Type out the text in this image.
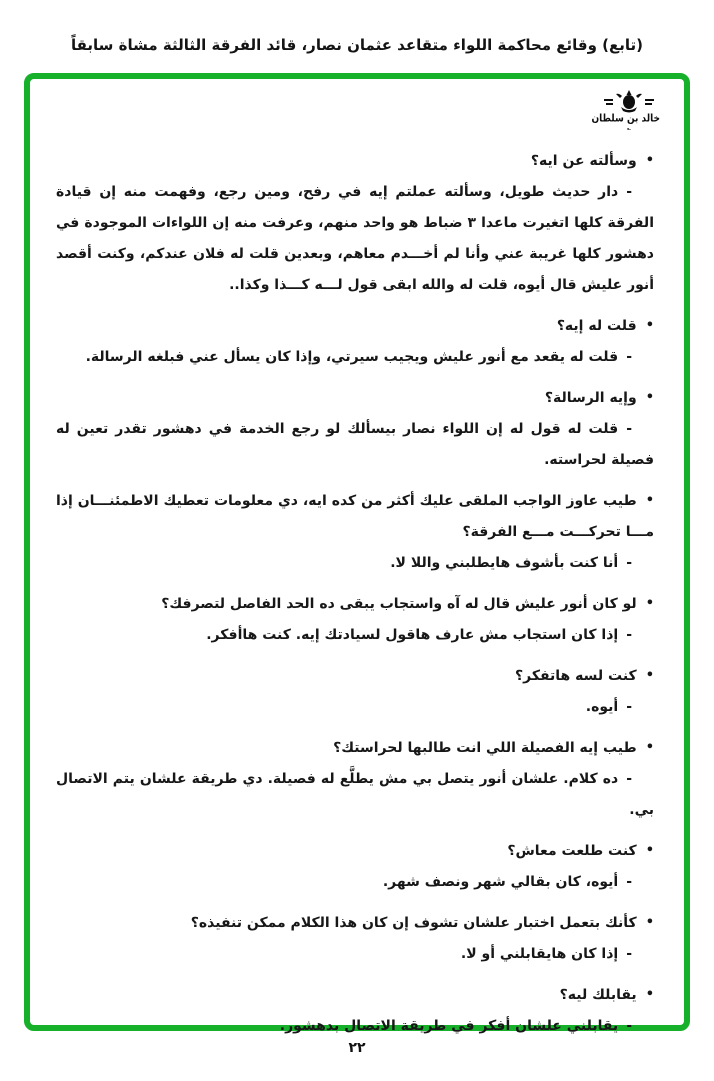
(تابع) وقائع محاكمة اللواء متقاعد عثمان نصار، قائد الفرقة الثالثة مشاة سابقاً
خالد بن سلطان
؎

•وسألته عن ايه؟

-دار حديث طويل، وسألته عملتم إيه في رفح، ومين رجع، وفهمت منه إن قيادة الفرقة كلها اتغيرت ماعدا ٣ ضباط هو واحد منهم، وعرفت منه إن اللواءات الموجودة في دهشور كلها غريبة عني وأنا لم أخـــدم معاهم، وبعدين قلت له فلان عندكم، وكنت أقصد أنور عليش قال أيوه، قلت له والله ابقى قول لـــه كـــذا وكذا..

•قلت له إيه؟

-قلت له يقعد مع أنور عليش ويجيب سيرتي، وإذا كان يسأل عني فبلغه الرسالة.

•وإيه الرسالة؟

-قلت له قول له إن اللواء نصار بيسألك لو رجع الخدمة في دهشور تقدر تعين له فصيلة لحراسته.

•طيب عاوز الواجب الملقى عليك أكثر من كده ايه، دي معلومات تعطيك الاطمئنـــان إذا مـــا تحركـــت مـــع الفرقة؟

-أنا كنت بأشوف هايطلبني واللا لا.

•لو كان أنور عليش قال له آه واستجاب يبقى ده الحد الفاصل لتصرفك؟

-إذا كان استجاب مش عارف هاقول لسيادتك إيه. كنت هاأفكر.

•كنت لسه هاتفكر؟

-أيوه.

•طيب إيه الفصيلة اللي انت طالبها لحراستك؟

-ده كلام. علشان أنور يتصل بي مش يطلَّع له فصيلة. دي طريقة علشان يتم الاتصال بي.

•كنت طلعت معاش؟

-أيوه، كان بقالي شهر ونصف شهر.

•كأنك بتعمل اختبار علشان تشوف إن كان هذا الكلام ممكن تنفيذه؟

-إذا كان هايقابلني أو لا.

•يقابلك ليه؟

-يقابلني علشان أفكر في طريقة الاتصال بدهشور.

٢٢
